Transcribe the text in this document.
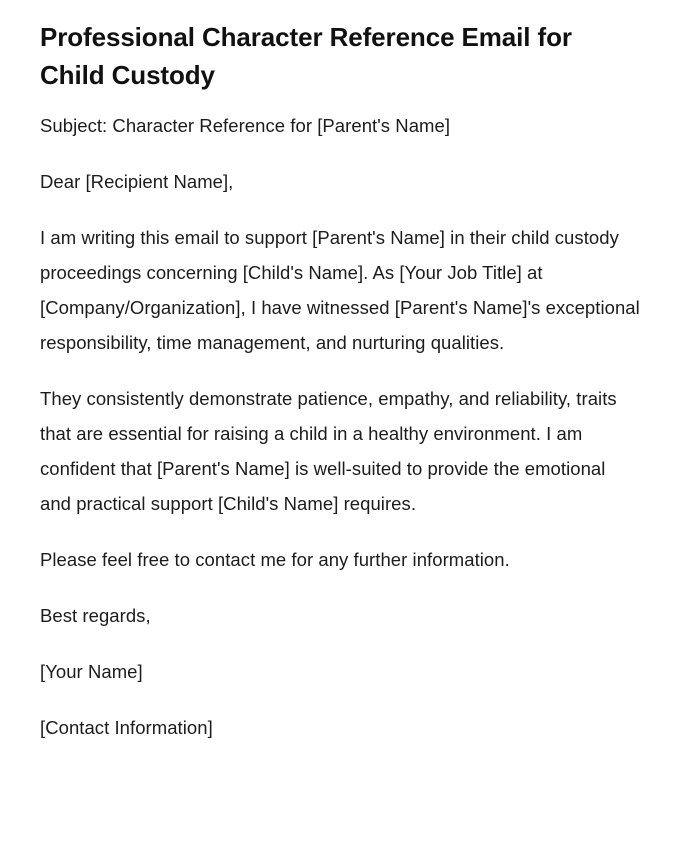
Professional Character Reference Email for Child Custody

Subject: Character Reference for [Parent's Name]

Dear [Recipient Name],

I am writing this email to support [Parent's Name] in their child custody proceedings concerning [Child's Name]. As [Your Job Title] at [Company/Organization], I have witnessed [Parent's Name]'s exceptional responsibility, time management, and nurturing qualities.

They consistently demonstrate patience, empathy, and reliability, traits that are essential for raising a child in a healthy environment. I am confident that [Parent's Name] is well-suited to provide the emotional and practical support [Child's Name] requires.

Please feel free to contact me for any further information.

Best regards,

[Your Name]

[Contact Information]
